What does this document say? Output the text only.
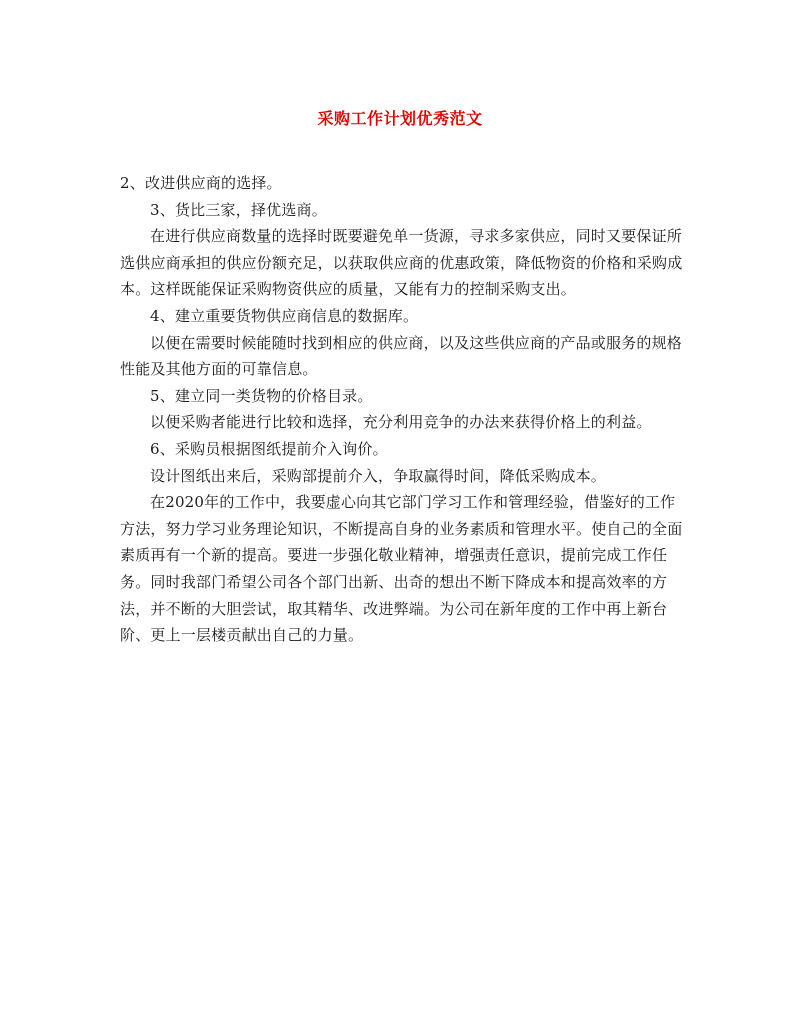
采购工作计划优秀范文

2、改进供应商的选择。

3、货比三家，择优选商。

在进行供应商数量的选择时既要避免单一货源，寻求多家供应，同时又要保证所选供应商承担的供应份额充足，以获取供应商的优惠政策，降低物资的价格和采购成本。这样既能保证采购物资供应的质量，又能有力的控制采购支出。

4、建立重要货物供应商信息的数据库。

以便在需要时候能随时找到相应的供应商，以及这些供应商的产品或服务的规格性能及其他方面的可靠信息。

5、建立同一类货物的价格目录。

以便采购者能进行比较和选择，充分利用竞争的办法来获得价格上的利益。

6、采购员根据图纸提前介入询价。

设计图纸出来后，采购部提前介入，争取赢得时间，降低采购成本。

在2020年的工作中，我要虚心向其它部门学习工作和管理经验，借鉴好的工作方法，努力学习业务理论知识，不断提高自身的业务素质和管理水平。使自己的全面素质再有一个新的提高。要进一步强化敬业精神，增强责任意识，提前完成工作任务。同时我部门希望公司各个部门出新、出奇的想出不断下降成本和提高效率的方法，并不断的大胆尝试，取其精华、改进弊端。为公司在新年度的工作中再上新台阶、更上一层楼贡献出自己的力量。
